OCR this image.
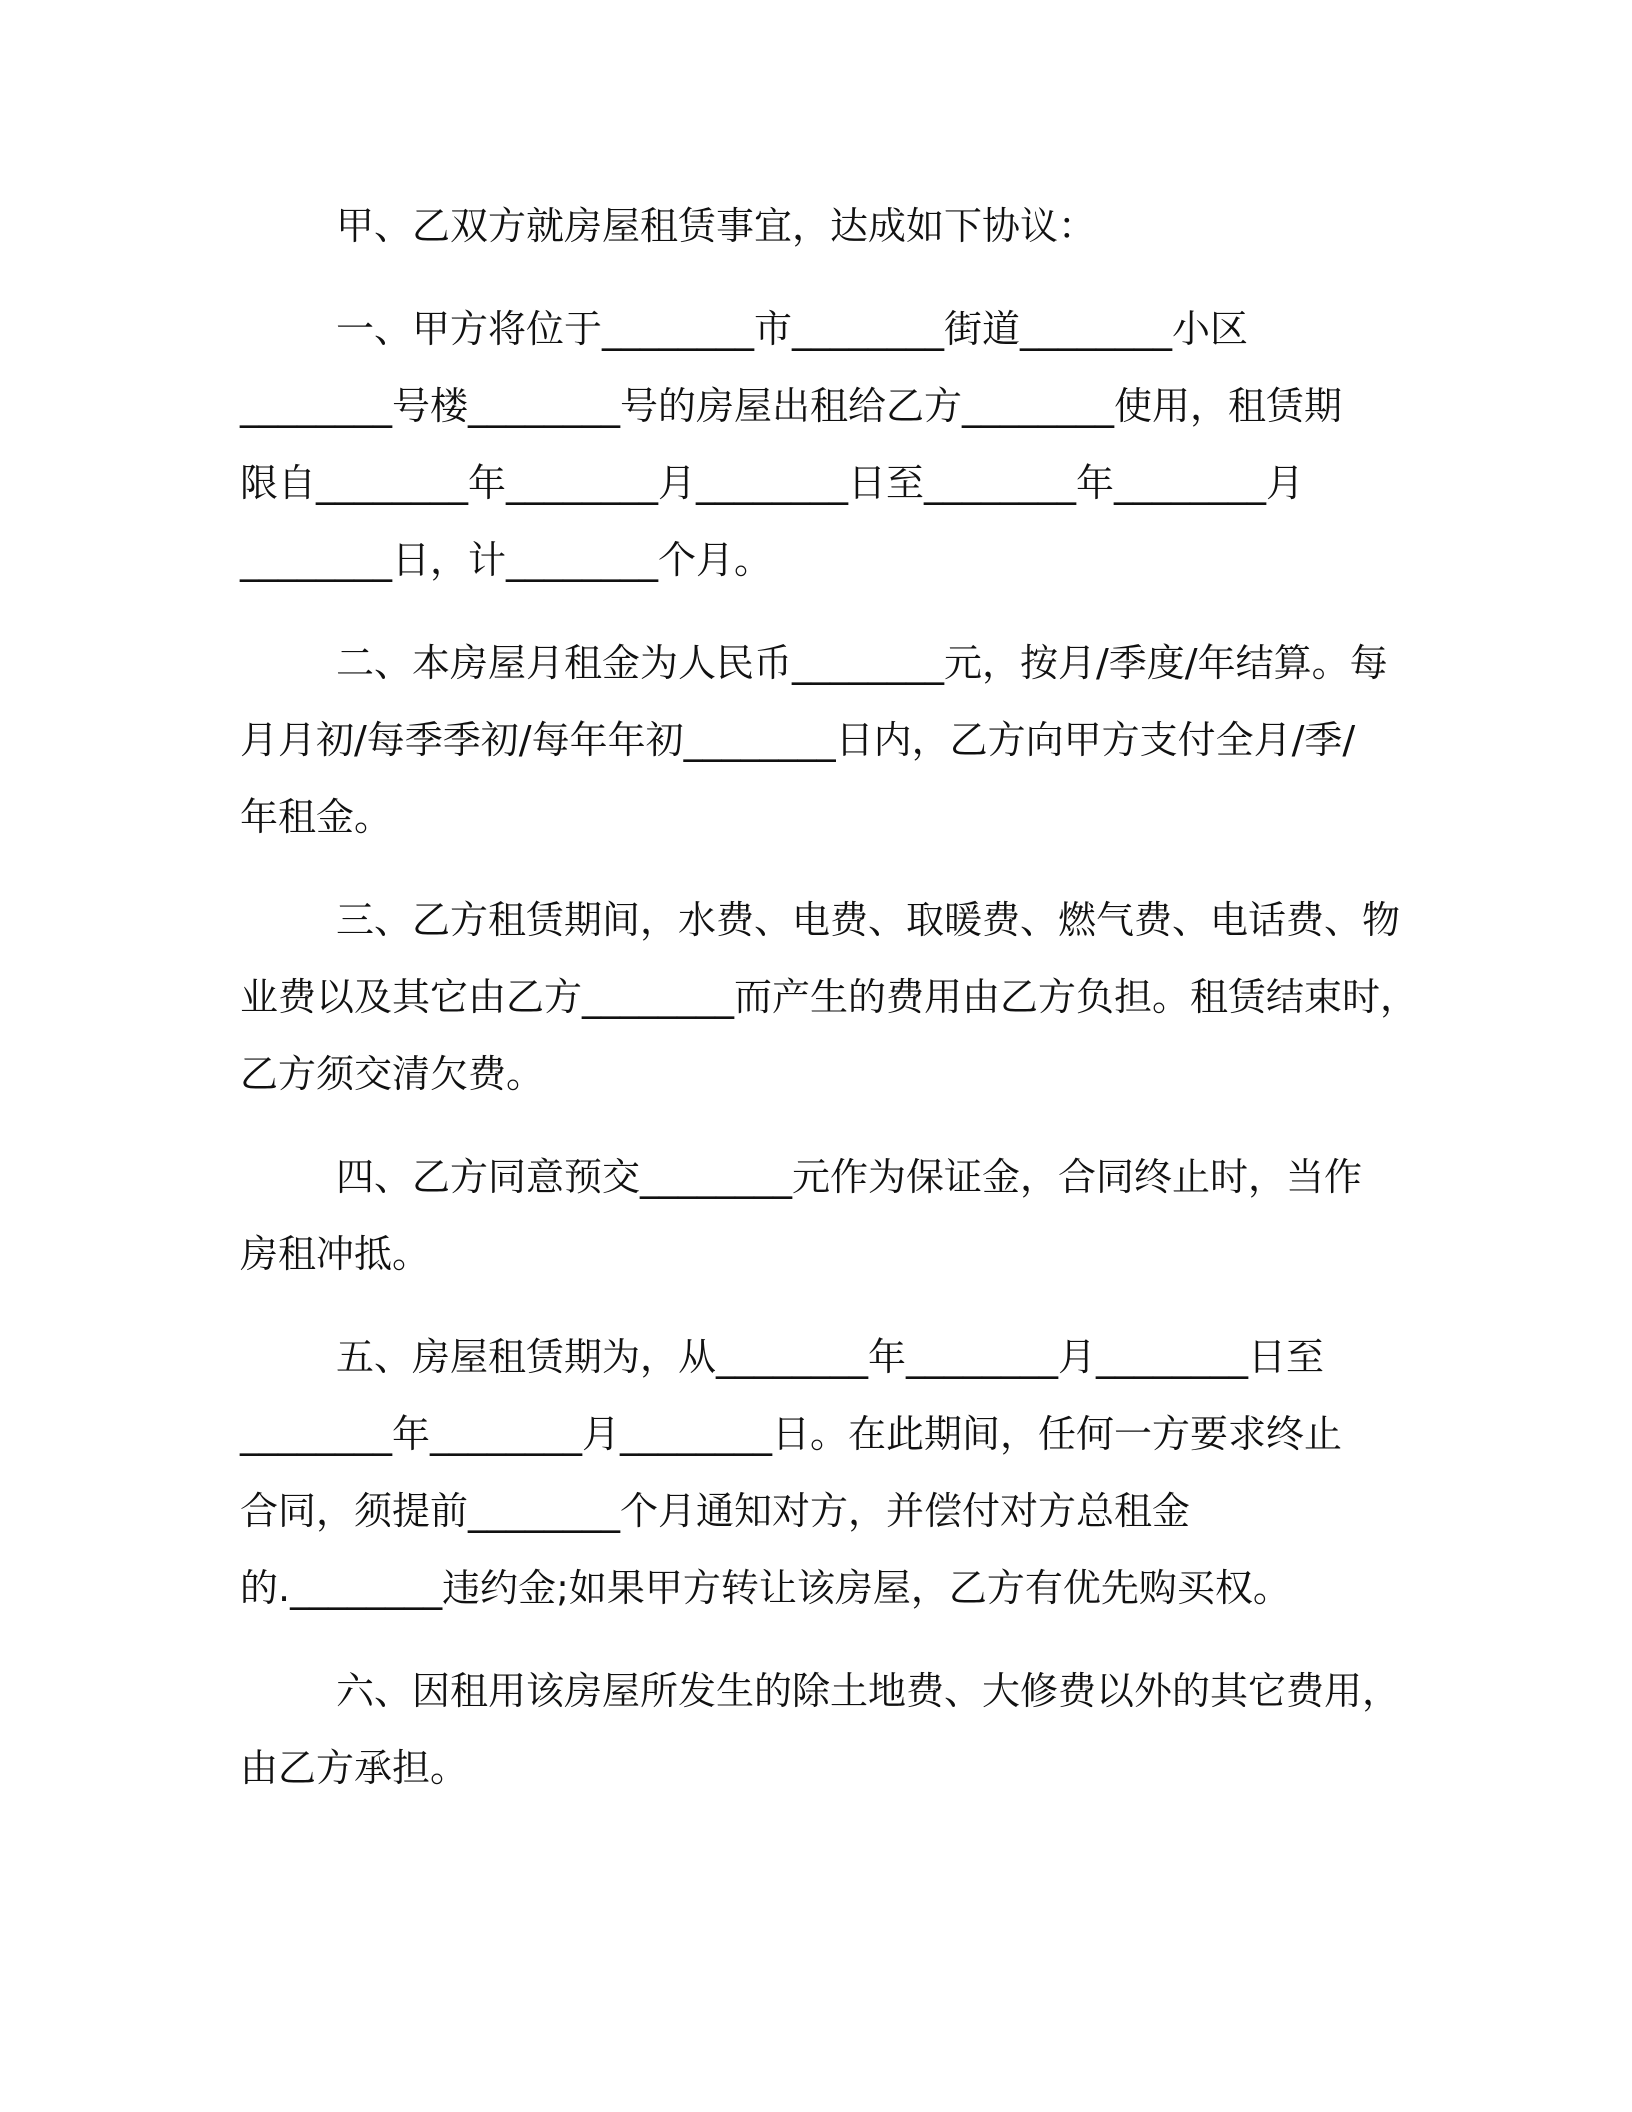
甲、乙双方就房屋租赁事宜，达成如下协议：

一、甲方将位于________市________街道________小区
________号楼________号的房屋出租给乙方________使用，租赁期
限自________年________月________日至________年________月
________日，计________个月。

二、本房屋月租金为人民币________元，按月/季度/年结算。每
月月初/每季季初/每年年初________日内，乙方向甲方支付全月/季/
年租金。

三、乙方租赁期间，水费、电费、取暖费、燃气费、电话费、物
业费以及其它由乙方________而产生的费用由乙方负担。租赁结束时，
乙方须交清欠费。

四、乙方同意预交________元作为保证金，合同终止时，当作
房租冲抵。

五、房屋租赁期为，从________年________月________日至
________年________月________日。在此期间，任何一方要求终止
合同，须提前________个月通知对方，并偿付对方总租金
的.________违约金;如果甲方转让该房屋，乙方有优先购买权。

六、因租用该房屋所发生的除土地费、大修费以外的其它费用，
由乙方承担。
